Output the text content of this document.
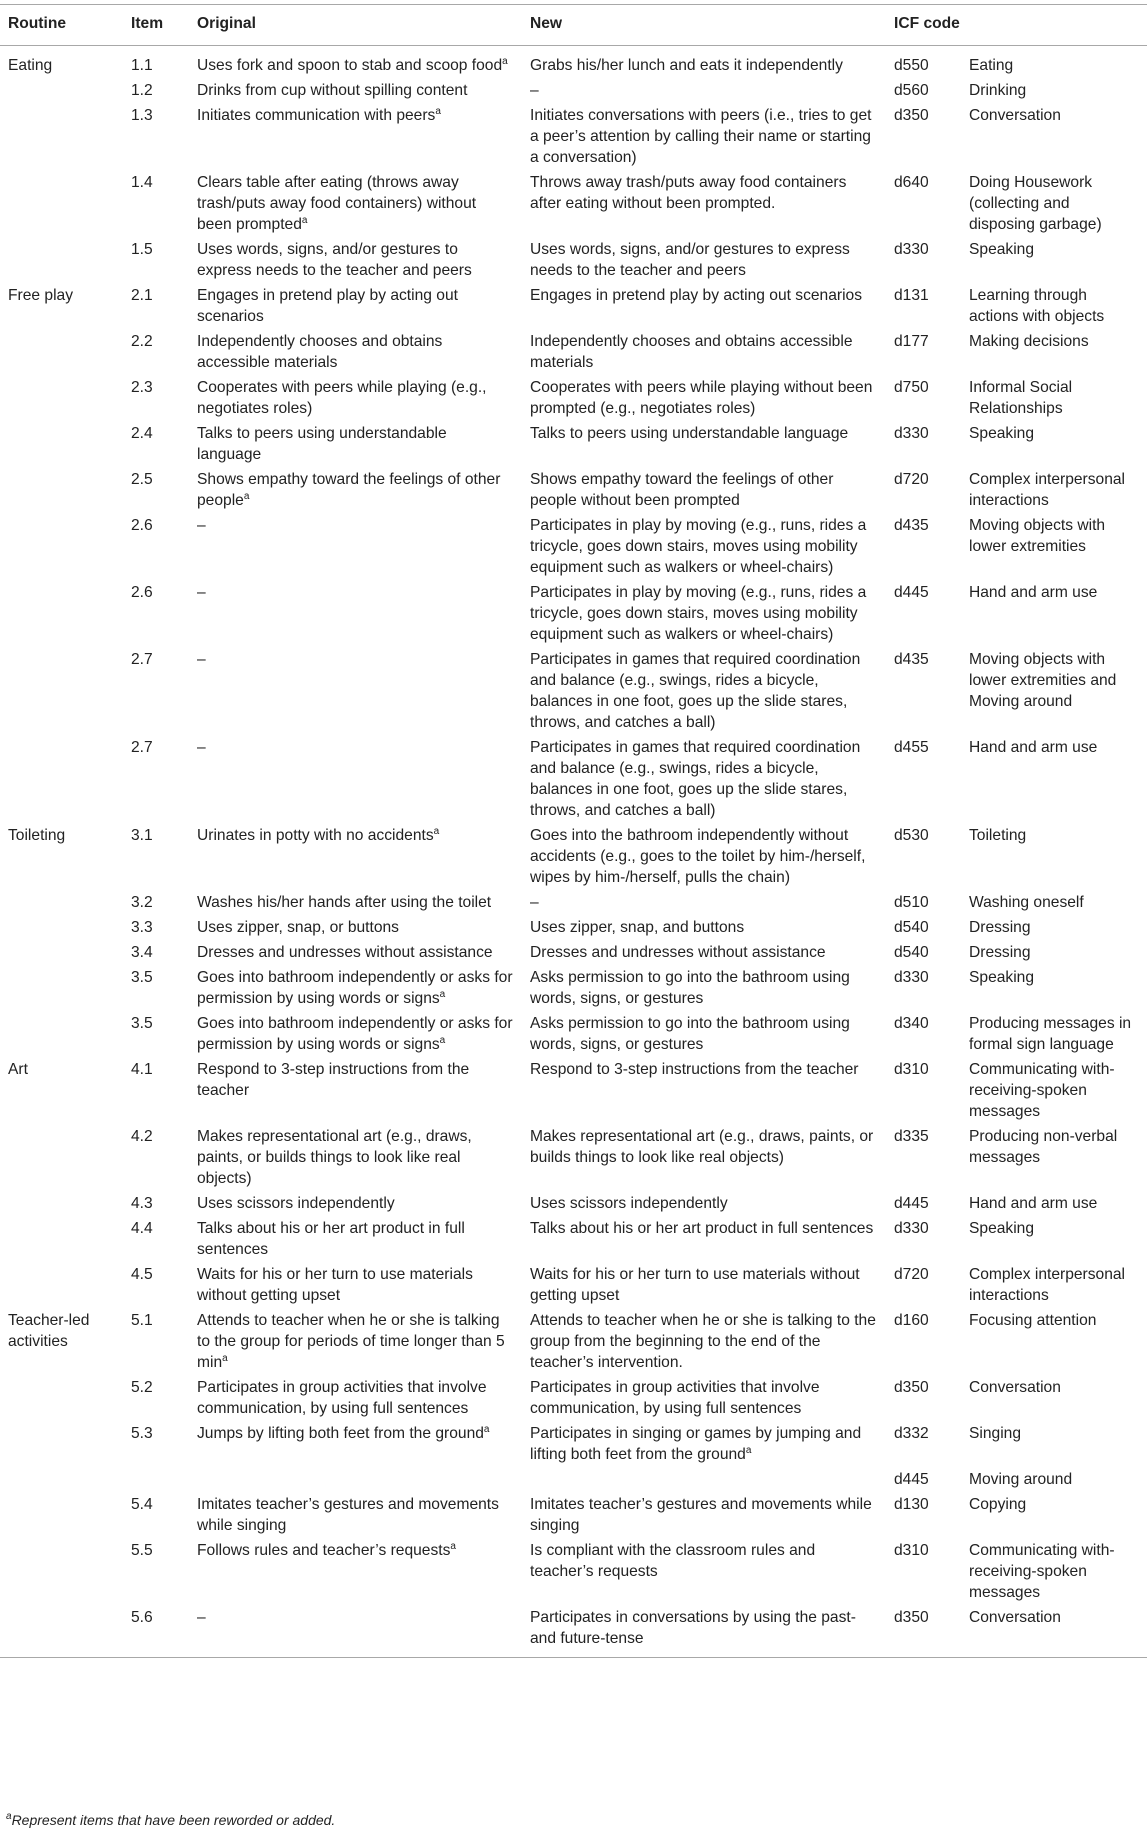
Routine	Item	Original	New	ICF code	
Eating	1.1	Uses fork and spoon to stab and scoop food$^a$	Grabs his/her lunch and eats it independently	d550	Eating
	1.2	Drinks from cup without spilling content	–	d560	Drinking
	1.3	Initiates communication with peers$^a$	Initiates conversations with peers (i.e., tries to get a peer’s attention by calling their name or starting a conversation)	d350	Conversation
	1.4	Clears table after eating (throws away trash/puts away food containers) without been prompted$^a$	Throws away trash/puts away food containers after eating without been prompted.	d640	Doing Housework (collecting and disposing garbage)
	1.5	Uses words, signs, and/or gestures to express needs to the teacher and peers	Uses words, signs, and/or gestures to express needs to the teacher and peers	d330	Speaking
Free play	2.1	Engages in pretend play by acting out scenarios	Engages in pretend play by acting out scenarios	d131	Learning through actions with objects
	2.2	Independently chooses and obtains accessible materials	Independently chooses and obtains accessible materials	d177	Making decisions
	2.3	Cooperates with peers while playing (e.g., negotiates roles)	Cooperates with peers while playing without been prompted (e.g., negotiates roles)	d750	Informal Social Relationships
	2.4	Talks to peers using understandable language	Talks to peers using understandable language	d330	Speaking
	2.5	Shows empathy toward the feelings of other people$^a$	Shows empathy toward the feelings of other people without been prompted	d720	Complex interpersonal interactions
	2.6	–	Participates in play by moving (e.g., runs, rides a tricycle, goes down stairs, moves using mobility equipment such as walkers or wheel-chairs)	d435	Moving objects with lower extremities
	2.6	–	Participates in play by moving (e.g., runs, rides a tricycle, goes down stairs, moves using mobility equipment such as walkers or wheel-chairs)	d445	Hand and arm use
	2.7	–	Participates in games that required coordination and balance (e.g., swings, rides a bicycle, balances in one foot, goes up the slide stares, throws, and catches a ball)	d435	Moving objects with lower extremities and Moving around
	2.7	–	Participates in games that required coordination and balance (e.g., swings, rides a bicycle, balances in one foot, goes up the slide stares, throws, and catches a ball)	d455	Hand and arm use
Toileting	3.1	Urinates in potty with no accidents$^a$	Goes into the bathroom independently without accidents (e.g., goes to the toilet by him-/herself, wipes by him-/herself, pulls the chain)	d530	Toileting
	3.2	Washes his/her hands after using the toilet	–	d510	Washing oneself
	3.3	Uses zipper, snap, or buttons	Uses zipper, snap, and buttons	d540	Dressing
	3.4	Dresses and undresses without assistance	Dresses and undresses without assistance	d540	Dressing
	3.5	Goes into bathroom independently or asks for permission by using words or signs$^a$	Asks permission to go into the bathroom using words, signs, or gestures	d330	Speaking
	3.5	Goes into bathroom independently or asks for permission by using words or signs$^a$	Asks permission to go into the bathroom using words, signs, or gestures	d340	Producing messages in formal sign language
Art	4.1	Respond to 3-step instructions from the teacher	Respond to 3-step instructions from the teacher	d310	Communicating with-receiving-spoken messages
	4.2	Makes representational art (e.g., draws, paints, or builds things to look like real objects)	Makes representational art (e.g., draws, paints, or builds things to look like real objects)	d335	Producing non-verbal messages
	4.3	Uses scissors independently	Uses scissors independently	d445	Hand and arm use
	4.4	Talks about his or her art product in full sentences	Talks about his or her art product in full sentences	d330	Speaking
	4.5	Waits for his or her turn to use materials without getting upset	Waits for his or her turn to use materials without getting upset	d720	Complex interpersonal interactions
Teacher-led activities	5.1	Attends to teacher when he or she is talking to the group for periods of time longer than 5 $\min^a$	Attends to teacher when he or she is talking to the group from the beginning to the end of the teacher’s intervention.	d160	Focusing attention
	5.2	Participates in group activities that involve communication, by using full sentences	Participates in group activities that involve communication, by using full sentences	d350	Conversation
	5.3	Jumps by lifting both feet from the ground$^a$	Participates in singing or games by jumping and lifting both feet from the ground$^a$	d332	Singing
				d445	Moving around
	5.4	Imitates teacher’s gestures and movements while singing	Imitates teacher’s gestures and movements while singing	d130	Copying
	5.5	Follows rules and teacher’s requests$^a$	Is compliant with the classroom rules and teacher’s requests	d310	Communicating with-receiving-spoken messages
	5.6	–	Participates in conversations by using the past- and future-tense	d350	Conversation
$^a$Represent items that have been reworded or added.
